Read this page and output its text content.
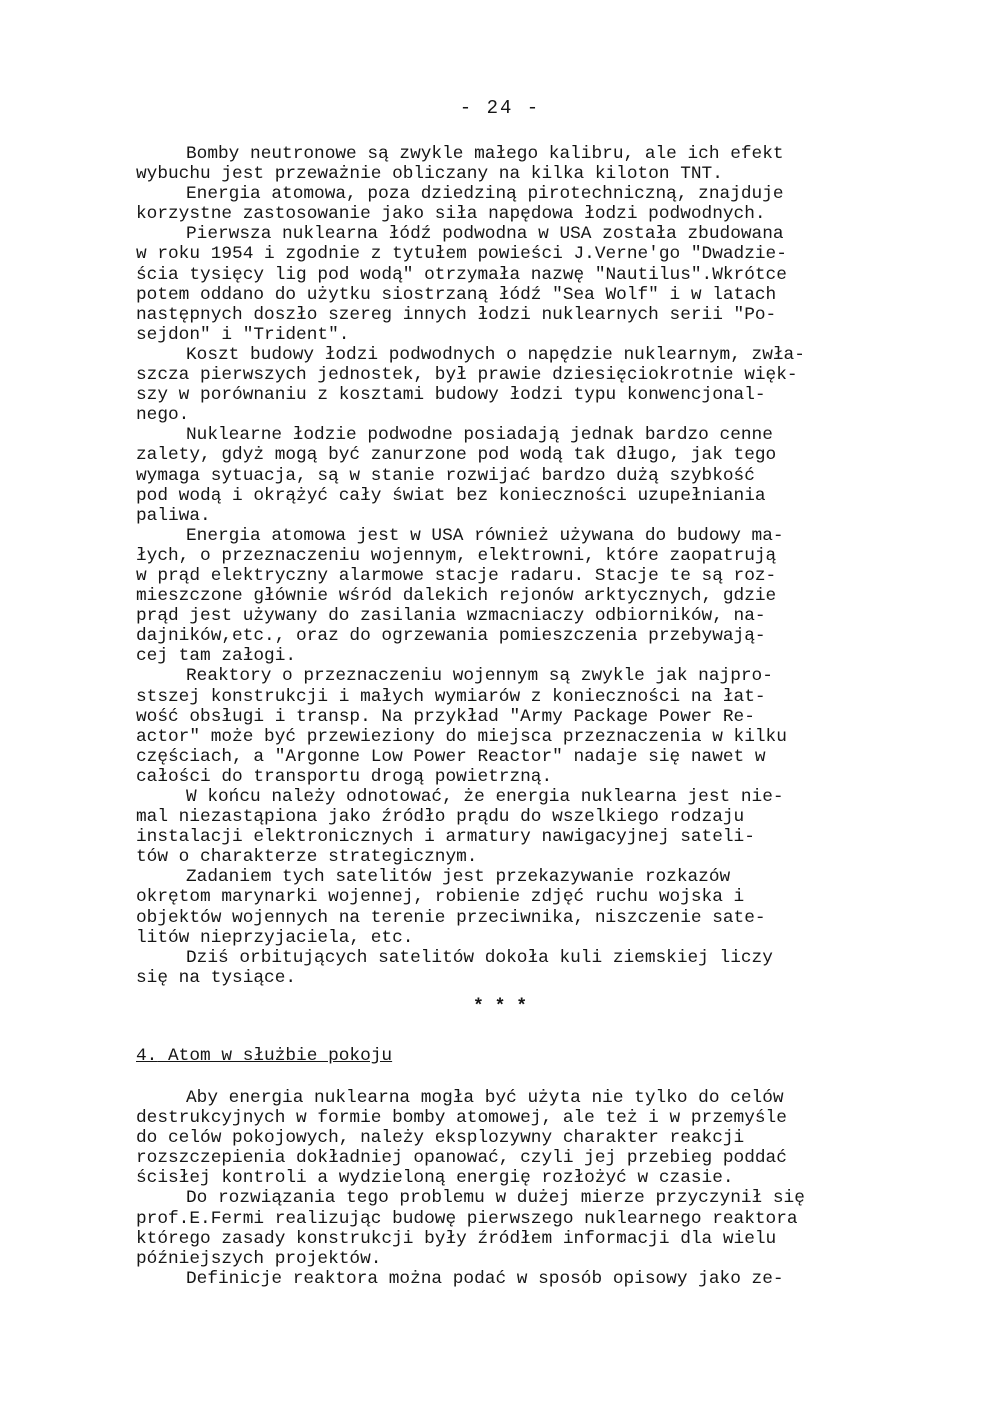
- 24 -
Bomby neutronowe są zwykle małego kalibru, ale ich efekt
wybuchu jest przeważnie obliczany na kilka kiloton TNT.
Energia atomowa, poza dziedziną pirotechniczną, znajduje
korzystne zastosowanie jako siła napędowa łodzi podwodnych.
Pierwsza nuklearna łódź podwodna w USA została zbudowana
w roku 1954 i zgodnie z tytułem powieści J.Verne'go "Dwadzie-
ścia tysięcy lig pod wodą" otrzymała nazwę "Nautilus".Wkrótce
potem oddano do użytku siostrzaną łódź "Sea Wolf" i w latach
następnych doszło szereg innych łodzi nuklearnych serii "Po-
sejdon" i "Trident".
Koszt budowy łodzi podwodnych o napędzie nuklearnym, zwła-
szcza pierwszych jednostek, był prawie dziesięciokrotnie więk-
szy w porównaniu z kosztami budowy łodzi typu konwencjonal-
nego.
Nuklearne łodzie podwodne posiadają jednak bardzo cenne
zalety, gdyż mogą być zanurzone pod wodą tak długo, jak tego
wymaga sytuacja, są w stanie rozwijać bardzo dużą szybkość
pod wodą i okrążyć cały świat bez konieczności uzupełniania
paliwa.
Energia atomowa jest w USA również używana do budowy ma-
łych, o przeznaczeniu wojennym, elektrowni, które zaopatrują
w prąd elektryczny alarmowe stacje radaru. Stacje te są roz-
mieszczone głównie wśród dalekich rejonów arktycznych, gdzie
prąd jest używany do zasilania wzmacniaczy odbiorników, na-
dajników,etc., oraz do ogrzewania pomieszczenia przebywają-
cej tam załogi.
Reaktory o przeznaczeniu wojennym są zwykle jak najpro-
stszej konstrukcji i małych wymiarów z konieczności na łat-
wość obsługi i transp. Na przykład "Army Package Power Re-
actor" może być przewieziony do miejsca przeznaczenia w kilku
częściach, a "Argonne Low Power Reactor" nadaje się nawet w
całości do transportu drogą powietrzną.
W końcu należy odnotować, że energia nuklearna jest nie-
mal niezastąpiona jako źródło prądu do wszelkiego rodzaju
instalacji elektronicznych i armatury nawigacyjnej sateli-
tów o charakterze strategicznym.
Zadaniem tych satelitów jest przekazywanie rozkazów
okrętom marynarki wojennej, robienie zdjęć ruchu wojska i
objektów wojennych na terenie przeciwnika, niszczenie sate-
litów nieprzyjaciela, etc.
Dziś orbitujących satelitów dokoła kuli ziemskiej liczy
się na tysiące.
* * *
4. Atom w służbie pokoju
Aby energia nuklearna mogła być użyta nie tylko do celów
destrukcyjnych w formie bomby atomowej, ale też i w przemyśle
do celów pokojowych, należy eksplozywny charakter reakcji
rozszczepienia dokładniej opanować, czyli jej przebieg poddać
ścisłej kontroli a wydzieloną energię rozłożyć w czasie.
Do rozwiązania tego problemu w dużej mierze przyczynił się
prof.E.Fermi realizując budowę pierwszego nuklearnego reaktora
którego zasady konstrukcji były źródłem informacji dla wielu
późniejszych projektów.
Definicje reaktora można podać w sposób opisowy jako ze-
